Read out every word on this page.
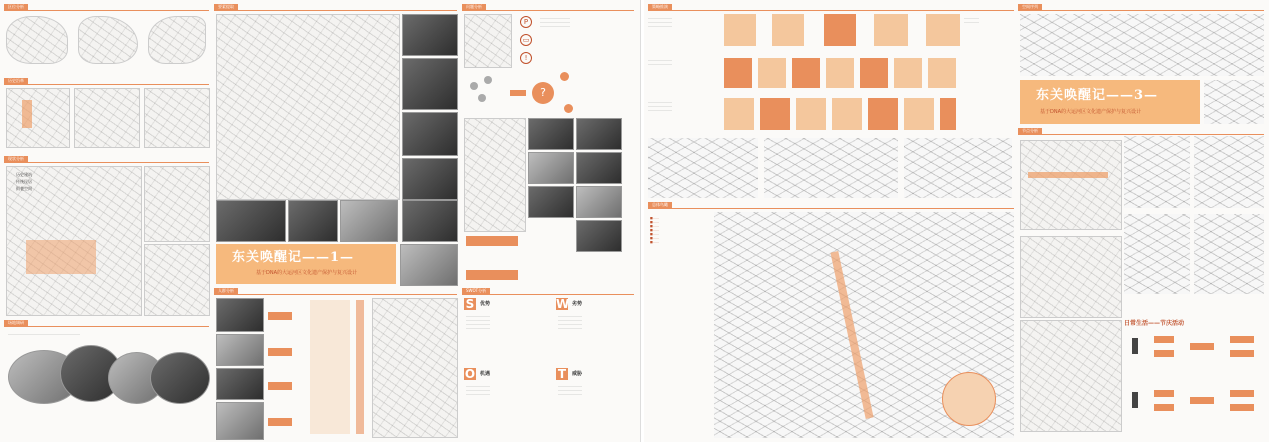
区位分析
历史沿革
现状分析
历史建筑
传统民居
街巷空间
场地调研
………………………………………………………………
要素提取
东关唤醒记——1—
基于DNA的大运河区文化遗产保护与复兴设计
人群分析
问题分析
P
▭
!
…………………………
…………………………
…………………………
?
SWOT分析
S	优势	W 劣势
O 机遇	T	威胁
……………………
……………………
……………………
……………………
……………………
……………………
……………………
……………………
……………………
……………………
……………………
……………………
……………………
……………………
策略推演
……………………
……………………
……………………
……………
……………
……………………
……………………
……………………
……………………
……………………
总体鸟瞰
■……
■……
■……
■……
■……
■……
■……
空间序列
东关唤醒记——3—
基于DNA的大运河区文化遗产保护与复兴设计
节点分析
日常生活——节庆活动
